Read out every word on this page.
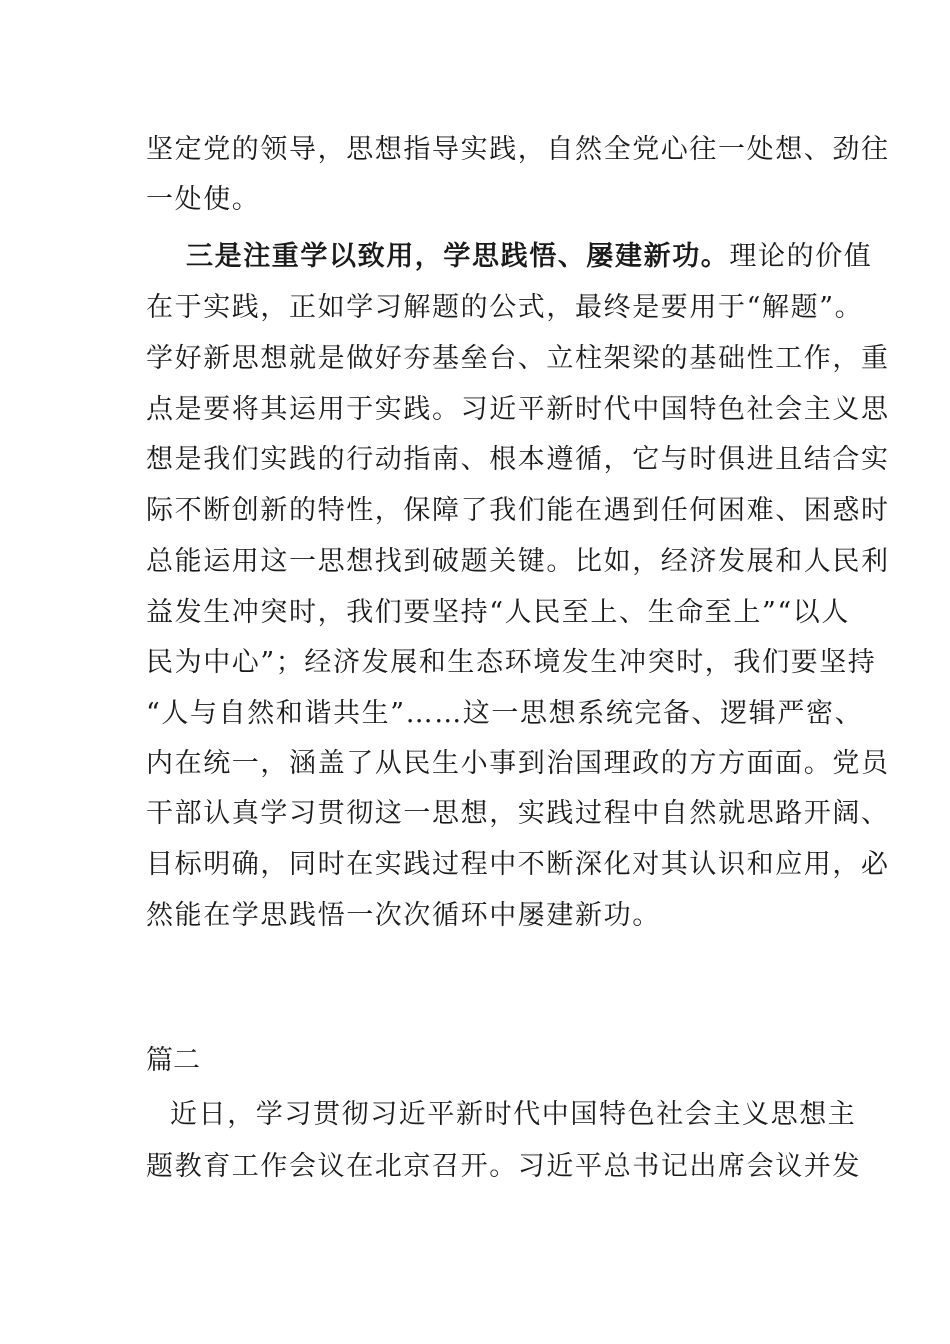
坚定党的领导，思想指导实践，自然全党心往一处想、劲往
一处使。
三是注重学以致用，学思践悟、屡建新功。理论的价值
在于实践，正如学习解题的公式，最终是要用于“解题”。
学好新思想就是做好夯基垒台、立柱架梁的基础性工作，重
点是要将其运用于实践。习近平新时代中国特色社会主义思
想是我们实践的行动指南、根本遵循，它与时俱进且结合实
际不断创新的特性，保障了我们能在遇到任何困难、困惑时
总能运用这一思想找到破题关键。比如，经济发展和人民利
益发生冲突时，我们要坚持“人民至上、生命至上”“以人
民为中心”；经济发展和生态环境发生冲突时，我们要坚持
“人与自然和谐共生”……这一思想系统完备、逻辑严密、
内在统一，涵盖了从民生小事到治国理政的方方面面。党员
干部认真学习贯彻这一思想，实践过程中自然就思路开阔、
目标明确，同时在实践过程中不断深化对其认识和应用，必
然能在学思践悟一次次循环中屡建新功。
篇二
近日，学习贯彻习近平新时代中国特色社会主义思想主
题教育工作会议在北京召开。习近平总书记出席会议并发
